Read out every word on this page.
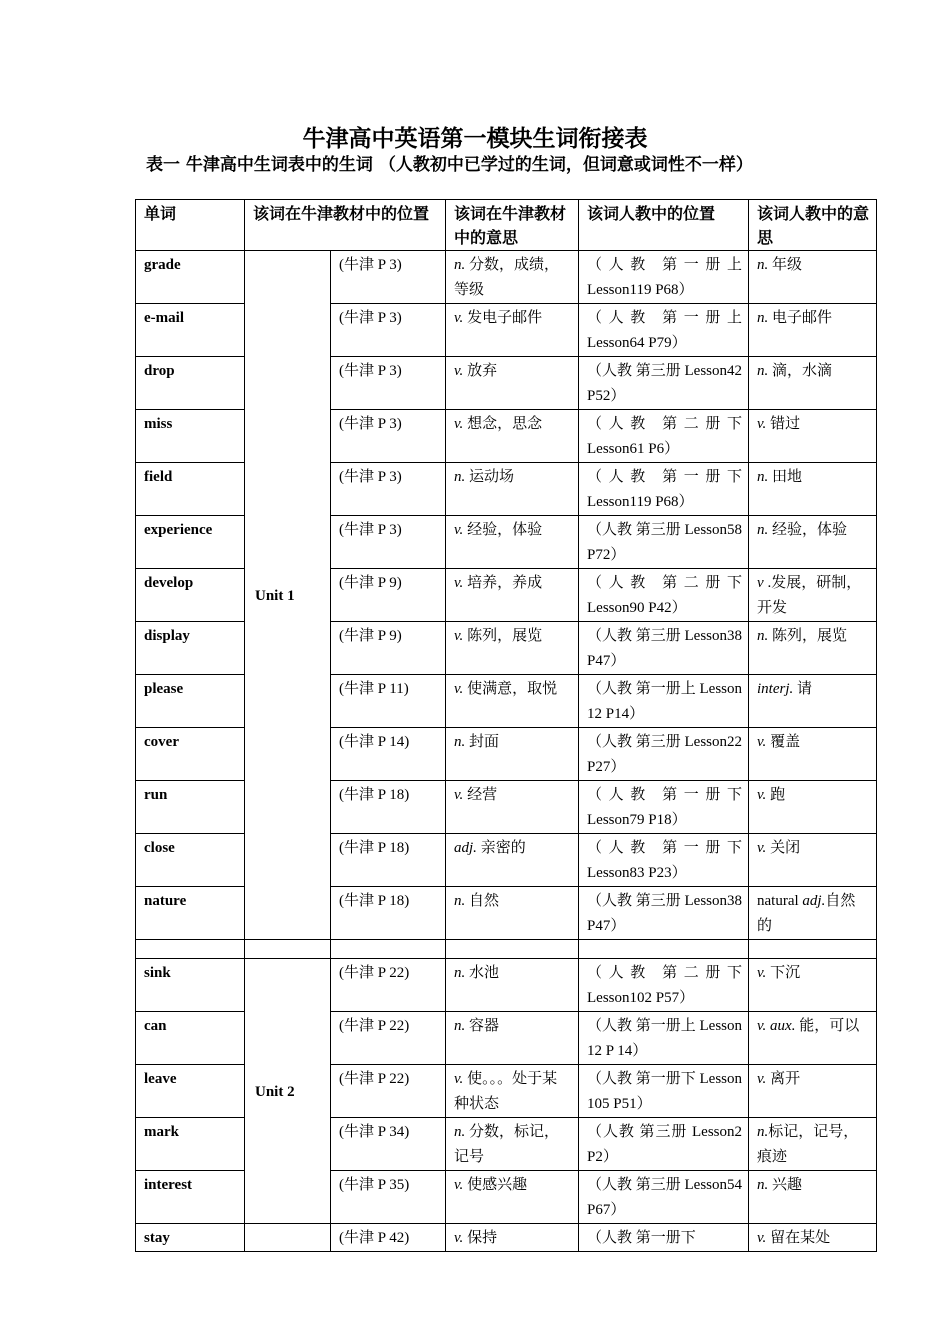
牛津高中英语第一模块生词衔接表
表一 牛津高中生词表中的生词 （人教初中已学过的生词，但词意或词性不一样）
单词	该词在牛津教材中的位置		该词在牛津教材中的意思	该词人教中的位置	该词人教中的意思
grade	Unit 1	(牛津 P 3)	n. 分数，成绩，等级	（人教 第一册上 Lesson119 P68）	n. 年级
e-mail		(牛津 P 3)	v. 发电子邮件	（人教 第一册上 Lesson64 P79）	n. 电子邮件
drop		(牛津 P 3)	v. 放弃	（人教 第三册 Lesson42 P52）	n. 滴，水滴
miss		(牛津 P 3)	v. 想念，思念	（人教 第二册下 Lesson61 P6）	v. 错过
field		(牛津 P 3)	n. 运动场	（人教 第一册下 Lesson119 P68）	n. 田地
experience		(牛津 P 3)	v. 经验，体验	（人教 第三册 Lesson58 P72）	n. 经验，体验
develop		(牛津 P 9)	v. 培养，养成	（人教 第二册下 Lesson90 P42）	v .发展，研制，开发
display		(牛津 P 9)	v. 陈列，展览	（人教 第三册 Lesson38 P47）	n. 陈列，展览
please		(牛津 P 11)	v. 使满意，取悦	（人教 第一册上 Lesson 12 P14）	interj. 请
cover		(牛津 P 14)	n. 封面	（人教 第三册 Lesson22 P27）	v. 覆盖
run		(牛津 P 18)	v. 经营	（人教 第一册下 Lesson79 P18）	v. 跑
close		(牛津 P 18)	adj. 亲密的	（人教 第一册下 Lesson83 P23）	v. 关闭
nature		(牛津 P 18)	n. 自然	（人教 第三册 Lesson38 P47）	natural adj.自然的

sink	Unit 2	(牛津 P 22)	n. 水池	（人教 第二册下 Lesson102 P57）	v. 下沉
can		(牛津 P 22)	n. 容器	（人教 第一册上 Lesson 12 P 14）	v. aux. 能，可以
leave		(牛津 P 22)	v. 使。。。处于某种状态	（人教 第一册下 Lesson 105 P51）	v. 离开
mark		(牛津 P 34)	n. 分数，标记，记号	（人教 第三册 Lesson2 P2）	n.标记，记号，痕迹
interest		(牛津 P 35)	v. 使感兴趣	（人教 第三册 Lesson54 P67）	n. 兴趣
stay		(牛津 P 42)	v. 保持	（人教 第一册下	v. 留在某处
